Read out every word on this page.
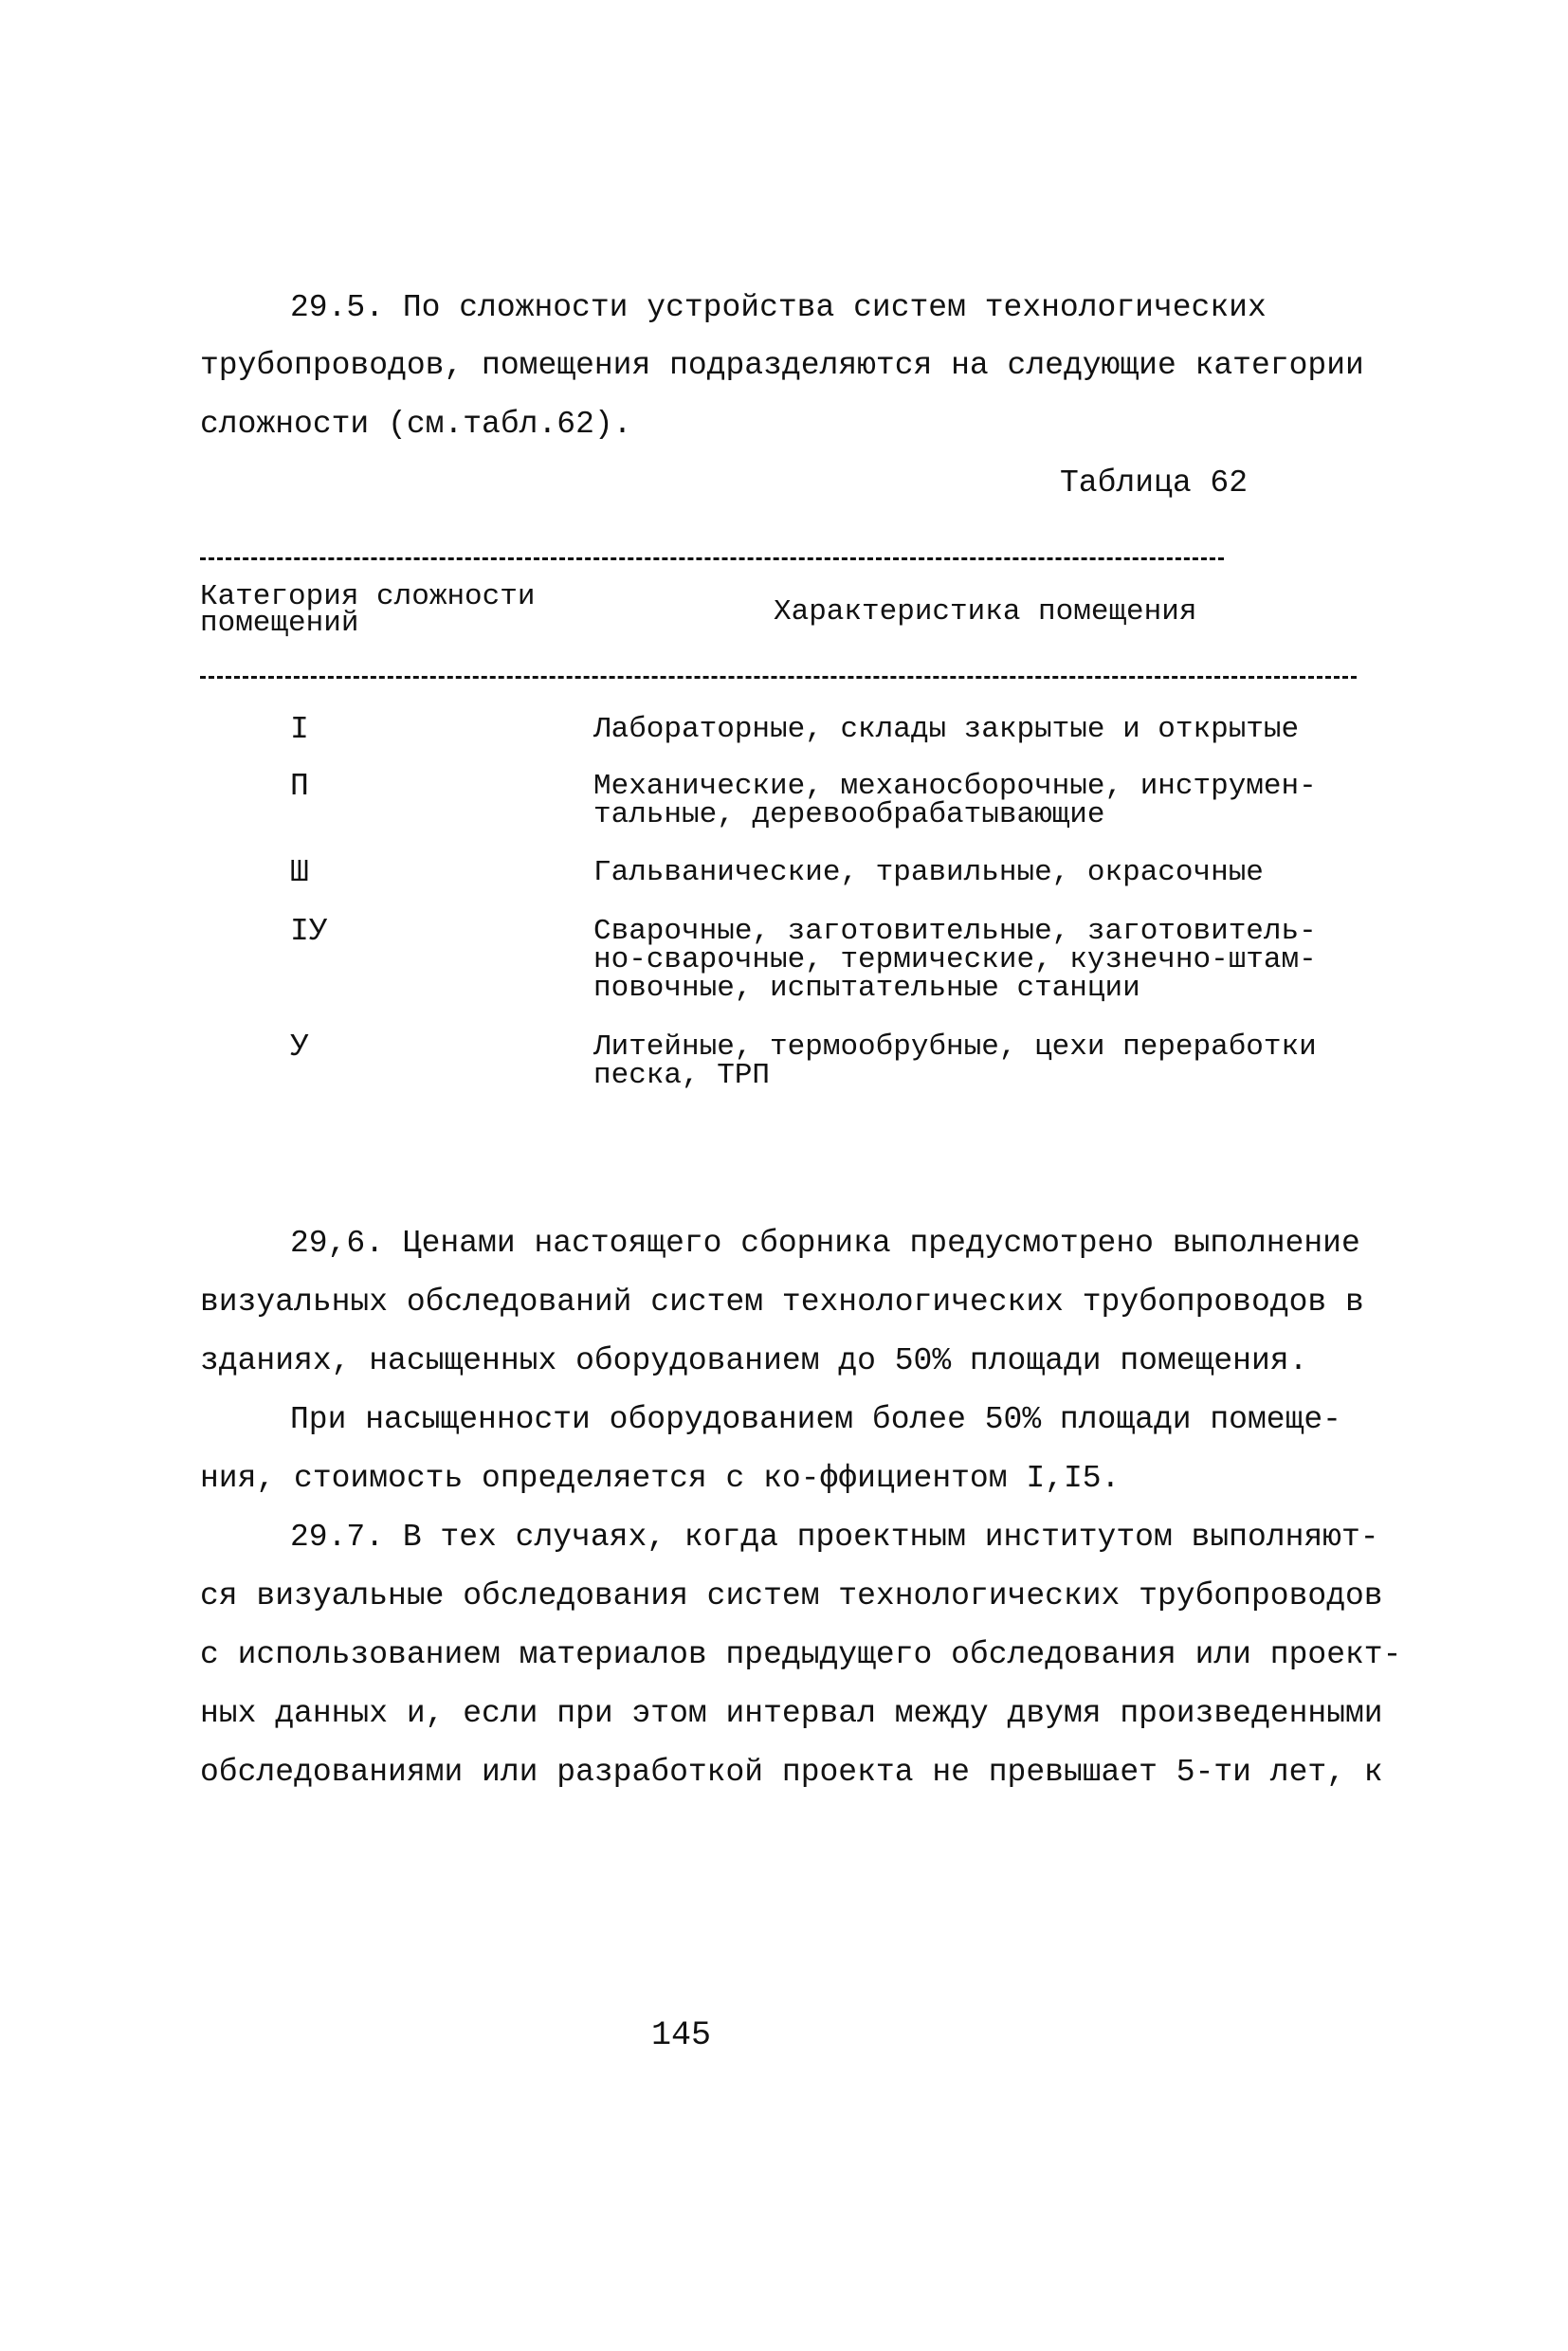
29.5. По сложности устройства систем технологических
трубопроводов, помещения подразделяются на следующие категории
сложности (см.табл.62).
Таблица 62
Категория сложности
помещений	Характеристика помещения
I	Лабораторные, склады закрытые и открытые
П	Механические, механосборочные, инструмен-
тальные, деревообрабатывающие
Ш	Гальванические, травильные, окрасочные
IУ	Сварочные, заготовительные, заготовитель-
но-сварочные, термические, кузнечно-штам-
повочные, испытательные станции
У	Литейные, термообрубные, цехи переработки
песка, ТРП
29,6. Ценами настоящего сборника предусмотрено выполнение
визуальных обследований систем технологических трубопроводов в
зданиях, насыщенных оборудованием до 50% площади помещения.
При насыщенности оборудованием более 50% площади помеще-
ния, стоимость определяется с ко-ффициентом I,I5.
29.7. В тех случаях, когда проектным институтом выполняют-
ся визуальные обследования систем технологических трубопроводов
с использованием материалов предыдущего обследования или проект-
ных данных и, если при этом интервал между двумя произведенными
обследованиями или разработкой проекта не превышает 5-ти лет, к
145
